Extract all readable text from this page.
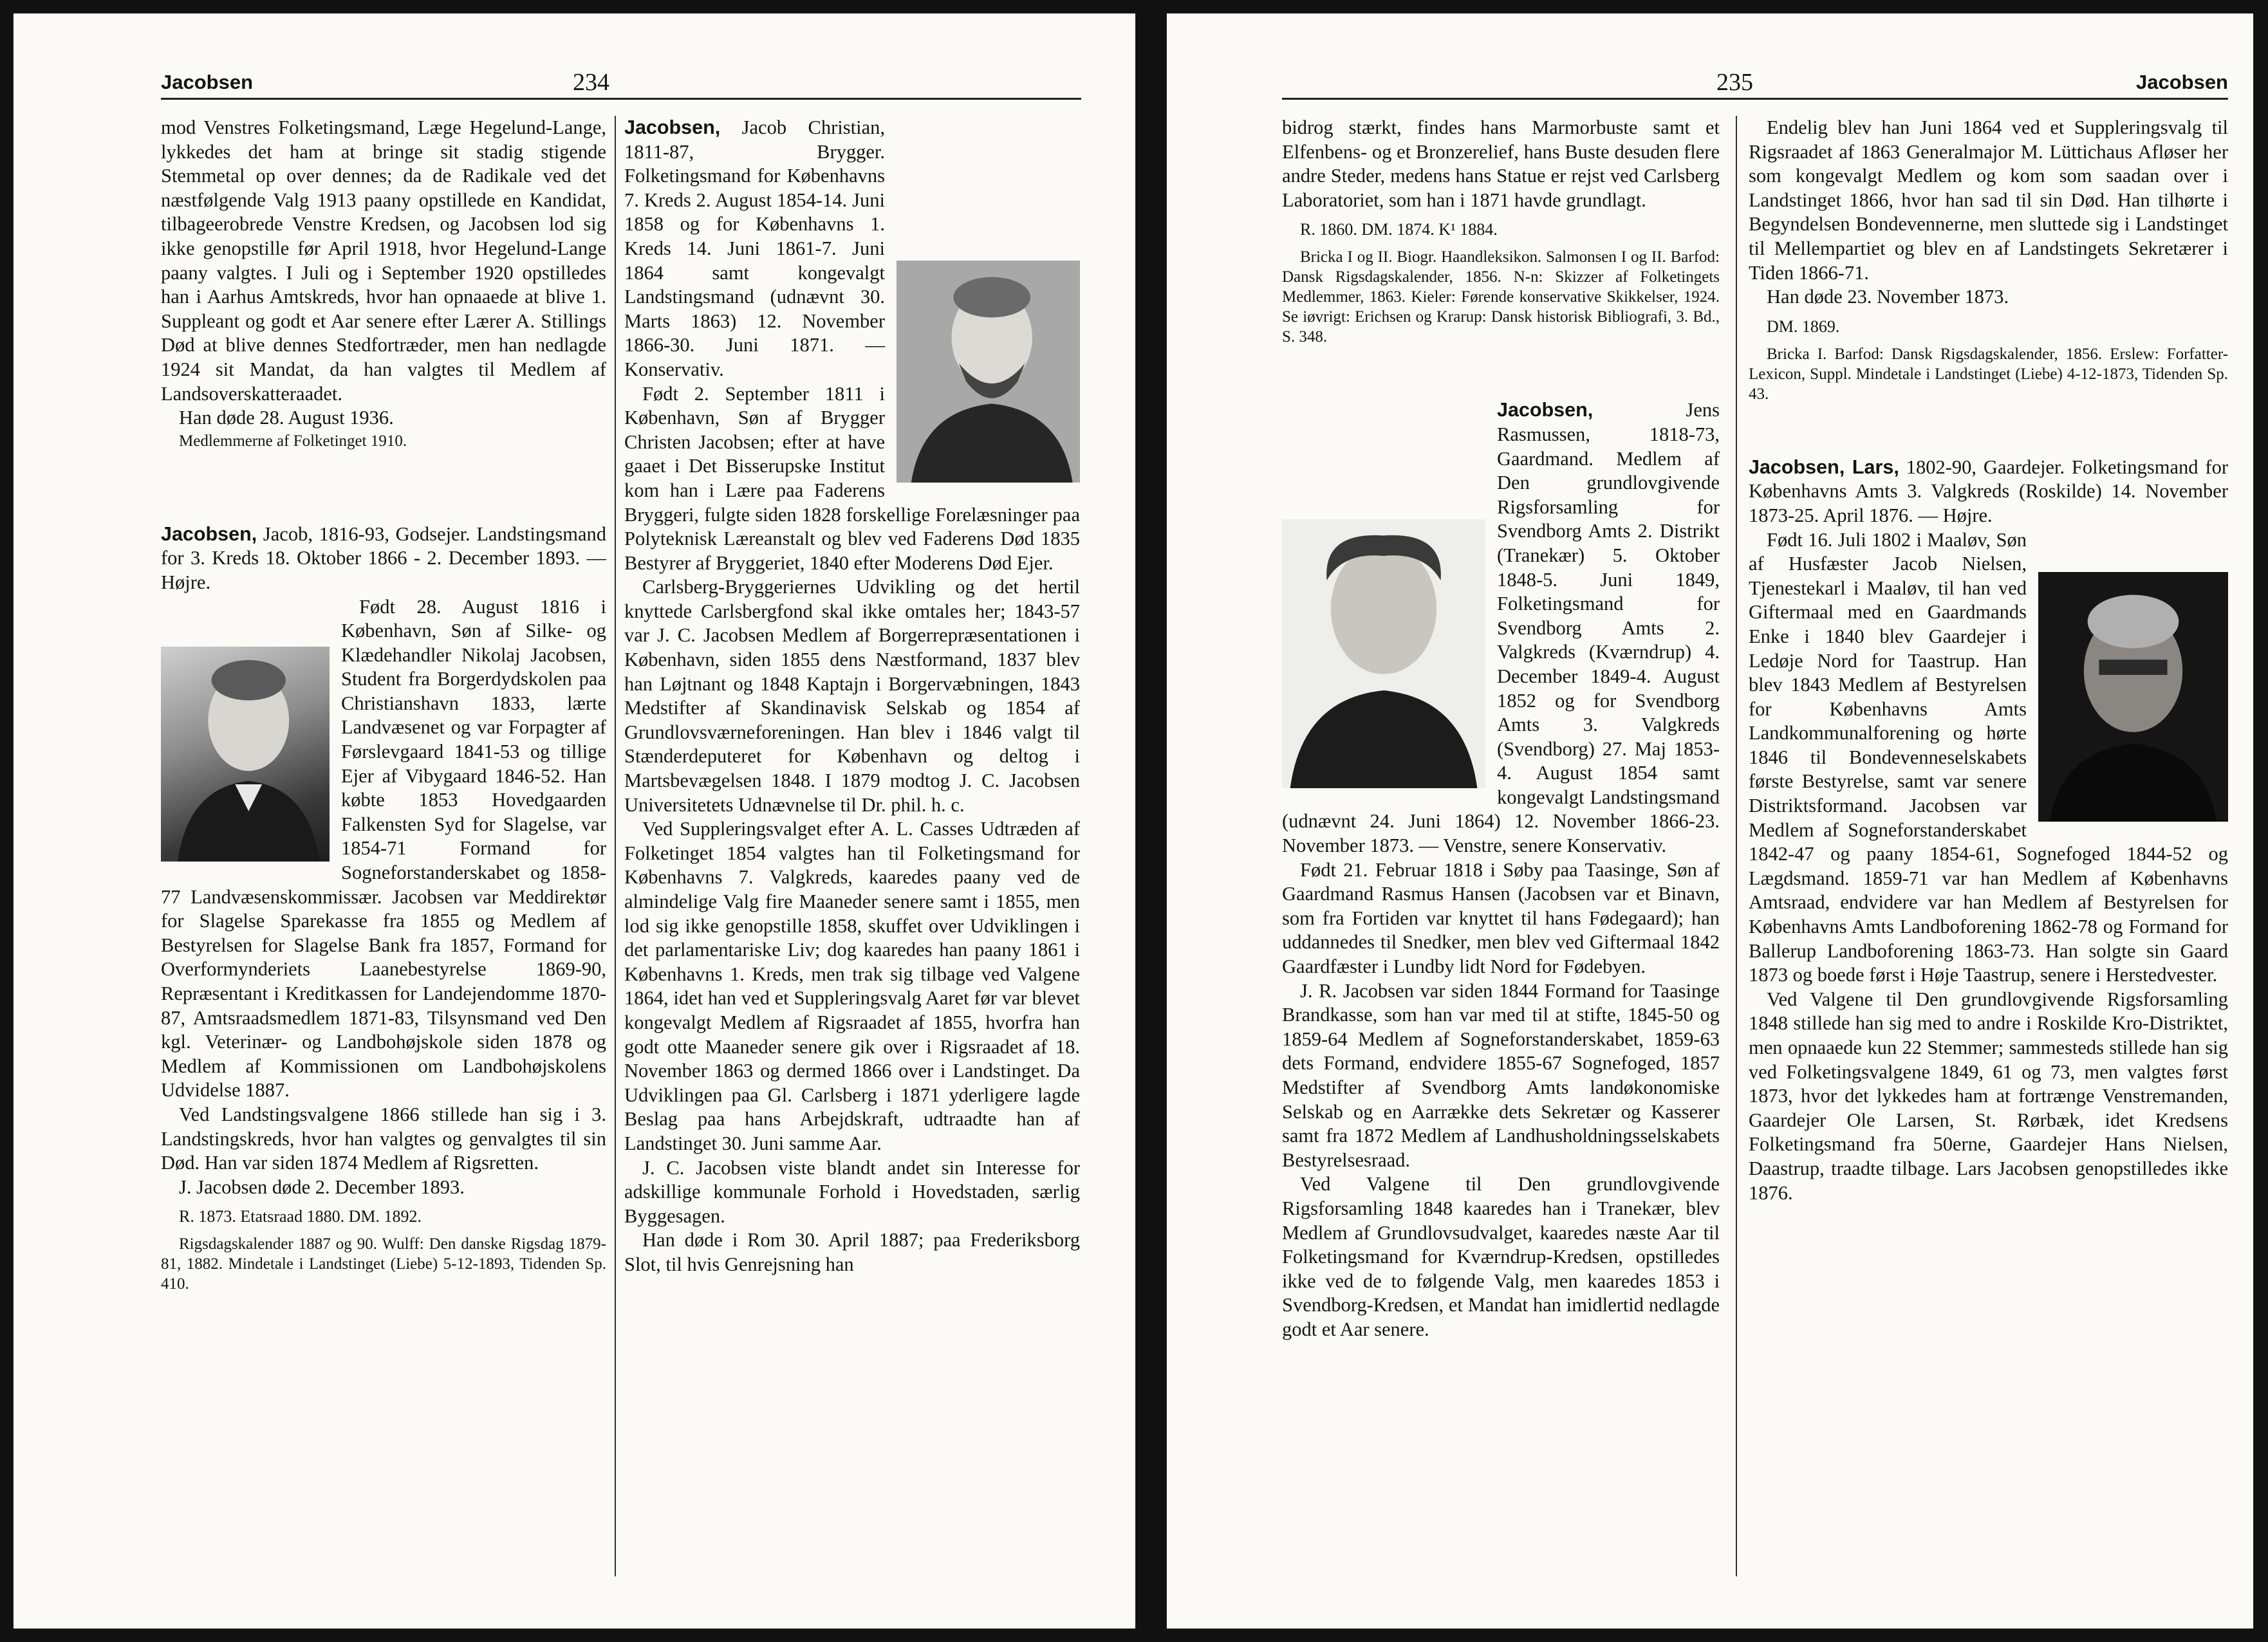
Jacobsen	234

mod Venstres Folketingsmand, Læge Hegelund-Lange, lykkedes det ham at bringe sit stadig stigende Stemmetal op over dennes; da de Radikale ved det næstfølgende Valg 1913 paany opstillede en Kandidat, tilbageerobrede Venstre Kredsen, og Jacobsen lod sig ikke genopstille før April 1918, hvor Hegelund-Lange paany valgtes. I Juli og i September 1920 opstilledes han i Aarhus Amtskreds, hvor han opnaaede at blive 1. Suppleant og godt et Aar senere efter Lærer A. Stillings Død at blive dennes Stedfortræder, men han nedlagde 1924 sit Mandat, da han valgtes til Medlem af Landsoverskatteraadet.

Han døde 28. August 1936.

Medlemmerne af Folketinget 1910.

Jacobsen, Jacob, 1816-93, Godsejer. Landstingsmand for 3. Kreds 18. Oktober 1866 - 2. December 1893. — Højre.

Født 28. August 1816 i København, Søn af Silke- og Klædehandler Nikolaj Jacobsen, Student fra Borgerdydskolen paa Christianshavn 1833, lærte Landvæsenet og var Forpagter af Førslevgaard 1841-53 og tillige Ejer af Vibygaard 1846-52. Han købte 1853 Hovedgaarden Falkensten Syd for Slagelse, var 1854-71 Formand for Sogneforstanderskabet og 1858-77 Landvæsenskommissær. Jacobsen var Meddirektør for Slagelse Sparekasse fra 1855 og Medlem af Bestyrelsen for Slagelse Bank fra 1857, Formand for Overformynderiets Laanebestyrelse 1869-90, Repræsentant i Kreditkassen for Landejendomme 1870-87, Amtsraadsmedlem 1871-83, Tilsynsmand ved Den kgl. Veterinær- og Landbohøjskole siden 1878 og Medlem af Kommissionen om Landbohøjskolens Udvidelse 1887.

Ved Landstingsvalgene 1866 stillede han sig i 3. Landstingskreds, hvor han valgtes og genvalgtes til sin Død. Han var siden 1874 Medlem af Rigsretten.

J. Jacobsen døde 2. December 1893.

R. 1873. Etatsraad 1880. DM. 1892.

Rigsdagskalender 1887 og 90. Wulff: Den danske Rigsdag 1879-81, 1882. Mindetale i Landstinget (Liebe) 5-12-1893, Tidenden Sp. 410.

Jacobsen, Jacob Christian, 1811-87, Brygger. Folketingsmand for Københavns 7. Kreds 2. August 1854-14. Juni 1858 og for Københavns 1. Kreds 14. Juni 1861-7. Juni 1864 samt kongevalgt Landstingsmand (udnævnt 30. Marts 1863) 12. November 1866-30. Juni 1871. — Konservativ.

Født 2. September 1811 i København, Søn af Brygger Christen Jacobsen; efter at have gaaet i Det Bisserupske Institut kom han i Lære paa Faderens Bryggeri, fulgte siden 1828 forskellige Forelæsninger paa Polyteknisk Læreanstalt og blev ved Faderens Død 1835 Bestyrer af Bryggeriet, 1840 efter Moderens Død Ejer.

Carlsberg-Bryggeriernes Udvikling og det hertil knyttede Carlsbergfond skal ikke omtales her; 1843-57 var J. C. Jacobsen Medlem af Borgerrepræsentationen i København, siden 1855 dens Næstformand, 1837 blev han Løjtnant og 1848 Kaptajn i Borgervæbningen, 1843 Medstifter af Skandinavisk Selskab og 1854 af Grundlovsværneforeningen. Han blev i 1846 valgt til Stænderdeputeret for København og deltog i Martsbevægelsen 1848. I 1879 modtog J. C. Jacobsen Universitetets Udnævnelse til Dr. phil. h. c.

Ved Suppleringsvalget efter A. L. Casses Udtræden af Folketinget 1854 valgtes han til Folketingsmand for Københavns 7. Valgkreds, kaaredes paany ved de almindelige Valg fire Maaneder senere samt i 1855, men lod sig ikke genopstille 1858, skuffet over Udviklingen i det parlamentariske Liv; dog kaaredes han paany 1861 i Københavns 1. Kreds, men trak sig tilbage ved Valgene 1864, idet han ved et Suppleringsvalg Aaret før var blevet kongevalgt Medlem af Rigsraadet af 1855, hvorfra han godt otte Maaneder senere gik over i Rigsraadet af 18. November 1863 og dermed 1866 over i Landstinget. Da Udviklingen paa Gl. Carlsberg i 1871 yderligere lagde Beslag paa hans Arbejdskraft, udtraadte han af Landstinget 30. Juni samme Aar.

J. C. Jacobsen viste blandt andet sin Interesse for adskillige kommunale Forhold i Hovedstaden, særlig Byggesagen.

Han døde i Rom 30. April 1887; paa Frederiksborg Slot, til hvis Genrejsning han

235	Jacobsen

bidrog stærkt, findes hans Marmorbuste samt et Elfenbens- og et Bronzerelief, hans Buste desuden flere andre Steder, medens hans Statue er rejst ved Carlsberg Laboratoriet, som han i 1871 havde grundlagt.

R. 1860. DM. 1874. K¹ 1884.

Bricka I og II. Biogr. Haandleksikon. Salmonsen I og II. Barfod: Dansk Rigsdagskalender, 1856. N-n: Skizzer af Folketingets Medlemmer, 1863. Kieler: Førende konservative Skikkelser, 1924. Se iøvrigt: Erichsen og Krarup: Dansk historisk Bibliografi, 3. Bd., S. 348.

Jacobsen,	Jens Rasmussen, 1818-73, Gaardmand. Medlem af Den grundlovgivende Rigsforsamling for Svendborg Amts 2. Distrikt (Tranekær) 5. Oktober 1848-5. Juni 1849, Folketingsmand for Svendborg Amts 2. Valgkreds (Kværndrup) 4. December 1849-4. August 1852 og for Svendborg Amts 3. Valgkreds (Svendborg) 27. Maj 1853-4. August 1854 samt kongevalgt Landstingsmand (udnævnt 24. Juni 1864) 12. November 1866-23. November 1873. — Venstre, senere Konservativ.

Født 21. Februar 1818 i Søby paa Taasinge, Søn af Gaardmand Rasmus Hansen (Jacobsen var et Binavn, som fra Fortiden var knyttet til hans Fødegaard); han uddannedes til Snedker, men blev ved Giftermaal 1842 Gaardfæster i Lundby lidt Nord for Fødebyen.

J. R. Jacobsen var siden 1844 Formand for Taasinge Brandkasse, som han var med til at stifte, 1845-50 og 1859-64 Medlem af Sogneforstanderskabet, 1859-63 dets Formand, endvidere 1855-67 Sognefoged, 1857 Medstifter af Svendborg Amts landøkonomiske Selskab og en Aarrække dets Sekretær og Kasserer samt fra 1872 Medlem af Landhusholdningsselskabets Bestyrelsesraad.

Ved Valgene til Den grundlovgivende Rigsforsamling 1848 kaaredes han i Tranekær, blev Medlem af Grundlovsudvalget, kaaredes næste Aar til Folketingsmand for Kværndrup-Kredsen, opstilledes ikke ved de to følgende Valg, men kaaredes 1853 i Svendborg-Kredsen, et Mandat han imidlertid nedlagde godt et Aar senere.

Endelig blev han Juni 1864 ved et Suppleringsvalg til Rigsraadet af 1863 Generalmajor M. Lüttichaus Afløser her som kongevalgt Medlem og kom som saadan over i Landstinget 1866, hvor han sad til sin Død. Han tilhørte i Begyndelsen Bondevennerne, men sluttede sig i Landstinget til Mellempartiet og blev en af Landstingets Sekretærer i Tiden 1866-71.

Han døde 23. November 1873.

DM. 1869.

Bricka I. Barfod: Dansk Rigsdagskalender, 1856. Erslew: Forfatter-Lexicon, Suppl. Mindetale i Landstinget (Liebe) 4-12-1873, Tidenden Sp. 43.

Jacobsen, Lars, 1802-90, Gaardejer. Folketingsmand for Københavns Amts 3. Valgkreds (Roskilde) 14. November 1873-25. April 1876. — Højre.

Født 16. Juli 1802 i Maaløv, Søn af Husfæster Jacob Nielsen, Tjenestekarl i Maaløv, til han ved Giftermaal med en Gaardmands Enke i 1840 blev Gaardejer i Ledøje Nord for Taastrup. Han blev 1843 Medlem af Bestyrelsen for Københavns Amts Landkommunalforening og hørte 1846 til Bondevenneselskabets første Bestyrelse, samt var senere Distriktsformand. Jacobsen var Medlem af Sogneforstanderskabet 1842-47 og paany 1854-61, Sognefoged 1844-52 og Lægdsmand. 1859-71 var han Medlem af Københavns Amtsraad, endvidere var han Medlem af Bestyrelsen for Københavns Amts Landboforening 1862-78 og Formand for Ballerup Landboforening 1863-73. Han solgte sin Gaard 1873 og boede først i Høje Taastrup, senere i Herstedvester.

Ved Valgene til Den grundlovgivende Rigsforsamling 1848 stillede han sig med to andre i Roskilde Kro-Distriktet, men opnaaede kun 22 Stemmer; sammesteds stillede han sig ved Folketingsvalgene 1849, 61 og 73, men valgtes først 1873, hvor det lykkedes ham at fortrænge Venstremanden, Gaardejer Ole Larsen, St. Rørbæk, idet Kredsens Folketingsmand fra 50erne, Gaardejer Hans Nielsen, Daastrup, traadte tilbage. Lars Jacobsen genopstilledes ikke 1876.
